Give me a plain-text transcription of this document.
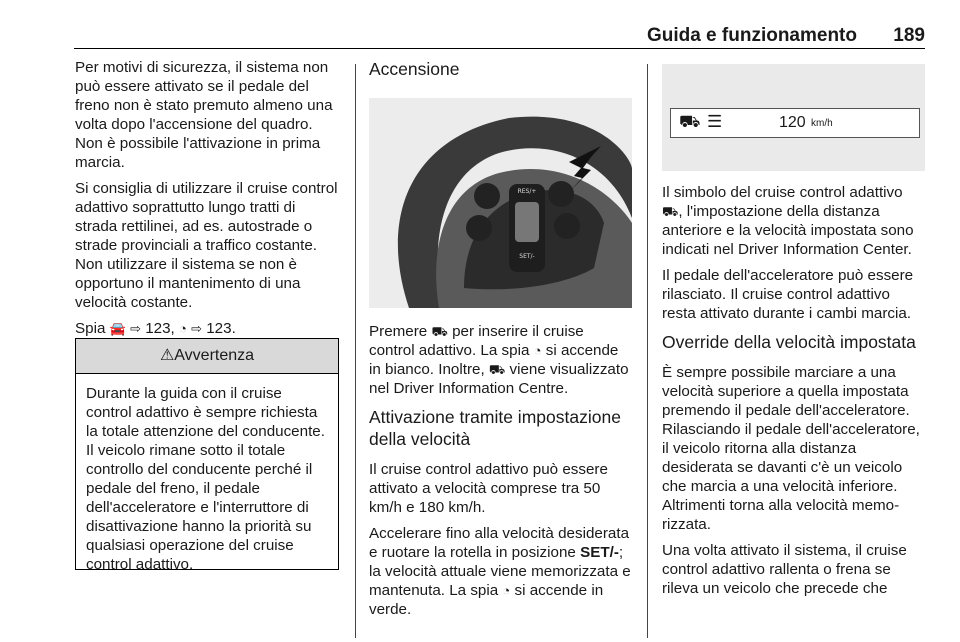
Guida e funzionamento 189

Per motivi di sicurezza, il sistema non può essere attivato se il pedale del freno non è stato premuto almeno una volta dopo l'accensione del quadro. Non è possibile l'attivazione in prima marcia.

Si consiglia di utilizzare il cruise control adattivo soprattutto lungo tratti di strada rettilinei, ad es. autostrade o strade provinciali a traffico costante. Non utilizzare il sistema se non è opportuno il mantenimento di una velocità costante.

Spia 🚘 ⇨ 123, ◔ ⇨ 123.

⚠Avvertenza
Durante la guida con il cruise control adattivo è sempre richiesta la totale attenzione del conducente. Il veicolo rimane sotto il totale controllo del conducente perché il pedale del freno, il pedale dell'acceleratore e l'interruttore di disattivazione hanno la priorità su qualsiasi operazione del cruise control adattivo.
Accensione
RES/+
SET/-

Premere ⛟ per inserire il cruise control adattivo. La spia ◔ si accende in bianco. Inoltre, ⛟ viene visualizzato nel Driver Information Centre.

Attivazione tramite impostazione della velocità

Il cruise control adattivo può essere attivato a velocità comprese tra 50 km/h e 180 km/h.

Accelerare fino alla velocità desiderata e ruotare la rotella in posizione SET/-; la velocità attuale viene memorizzata e mantenuta. La spia ◔ si accende in verde.

⛟ ☰	120 km/h

Il simbolo del cruise control adattivo ⛟, l'impostazione della distanza anteriore e la velocità impostata sono indicati nel Driver Information Center.

Il pedale dell'acceleratore può essere rilasciato. Il cruise control adattivo resta attivato durante i cambi marcia.

Override della velocità impostata

È sempre possibile marciare a una velocità superiore a quella impostata premendo il pedale dell'acceleratore. Rilasciando il pedale dell'acceleratore, il veicolo ritorna alla distanza desiderata se davanti c'è un veicolo che marcia a una velocità inferiore. Altrimenti torna alla velocità memorizzata.

Una volta attivato il sistema, il cruise control adattivo rallenta o frena se rileva un veicolo che precede che
